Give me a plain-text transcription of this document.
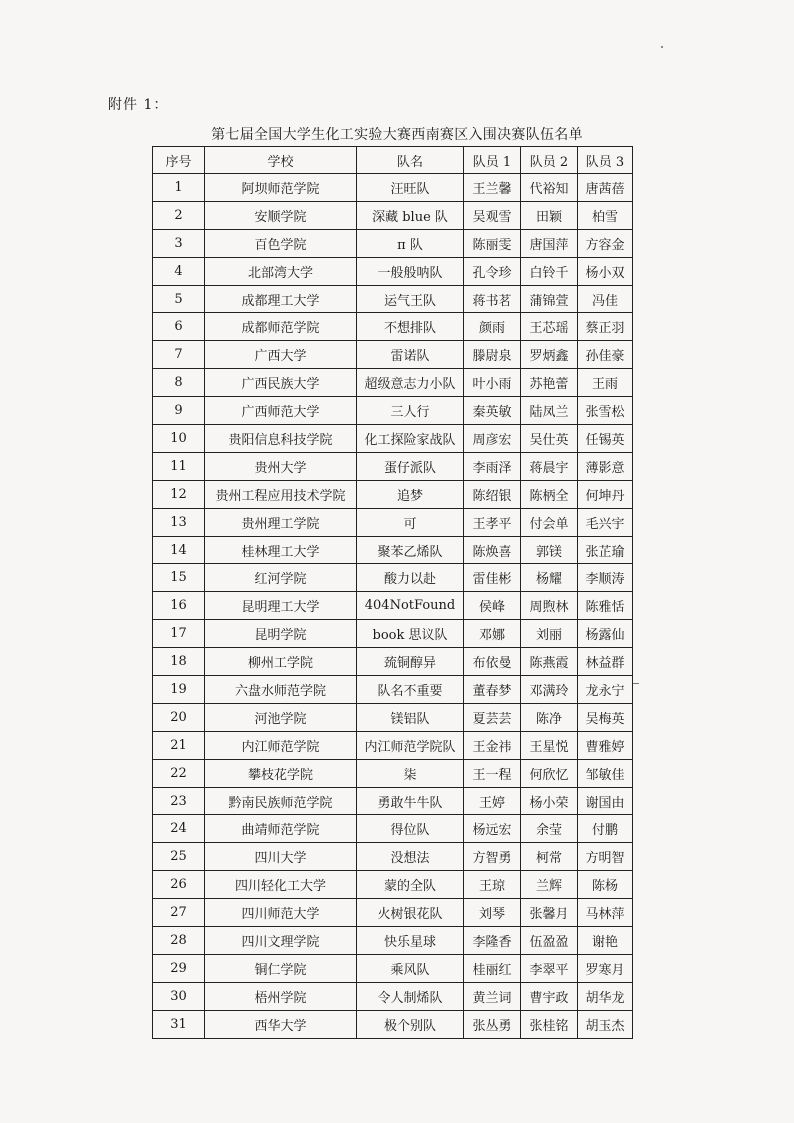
附件 1：
第七届全国大学生化工实验大赛西南赛区入围决赛队伍名单
序号	学校	队名	队员 1	队员 2	队员 3
1	阿坝师范学院	汪旺队	王兰馨	代裕知	唐茜蓓
2	安顺学院	深藏 blue 队	吴观雪	田颖	柏雪
3	百色学院	π 队	陈丽雯	唐国萍	方容金
4	北部湾大学	一般般呐队	孔令珍	白铃千	杨小双
5	成都理工大学	运气王队	蒋书茗	蒲锦萱	冯佳
6	成都师范学院	不想排队	颜雨	王芯瑶	蔡正羽
7	广西大学	雷诺队	滕尉泉	罗炳鑫	孙佳豪
8	广西民族大学	超级意志力小队	叶小雨	苏艳蕾	王雨
9	广西师范大学	三人行	秦英敏	陆凤兰	张雪松
10	贵阳信息科技学院	化工探险家战队	周彦宏	吴仕英	任锡英
11	贵州大学	蛋仔派队	李雨泽	蒋晨宇	薄影意
12	贵州工程应用技术学院	追梦	陈绍银	陈柄全	何坤丹
13	贵州理工学院	可	王孝平	付会单	毛兴宇
14	桂林理工大学	聚苯乙烯队	陈焕喜	郭镁	张芷瑜
15	红河学院	酸力以赴	雷佳彬	杨耀	李顺涛
16	昆明理工大学	404NotFound	侯峰	周煦林	陈雅恬
17	昆明学院	book 思议队	邓娜	刘丽	杨露仙
18	柳州工学院	巯铜醇异	布依曼	陈燕霞	林益群
19	六盘水师范学院	队名不重要	董春梦	邓满玲	龙永宁
20	河池学院	镁铝队	夏芸芸	陈净	吴梅英
21	内江师范学院	内江师范学院队	王金祎	王星悦	曹雅婷
22	攀枝花学院	柒	王一程	何欣忆	邹敏佳
23	黔南民族师范学院	勇敢牛牛队	王婷	杨小荣	谢国由
24	曲靖师范学院	得位队	杨远宏	余莹	付鹏
25	四川大学	没想法	方智勇	柯常	方明智
26	四川轻化工大学	蒙的全队	王琼	兰辉	陈杨
27	四川师范大学	火树银花队	刘琴	张馨月	马林萍
28	四川文理学院	快乐星球	李隆香	伍盈盈	谢艳
29	铜仁学院	乘风队	桂丽红	李翠平	罗寒月
30	梧州学院	令人制烯队	黄兰词	曹宇政	胡华龙
31	西华大学	极个别队	张丛勇	张桂铭	胡玉杰
